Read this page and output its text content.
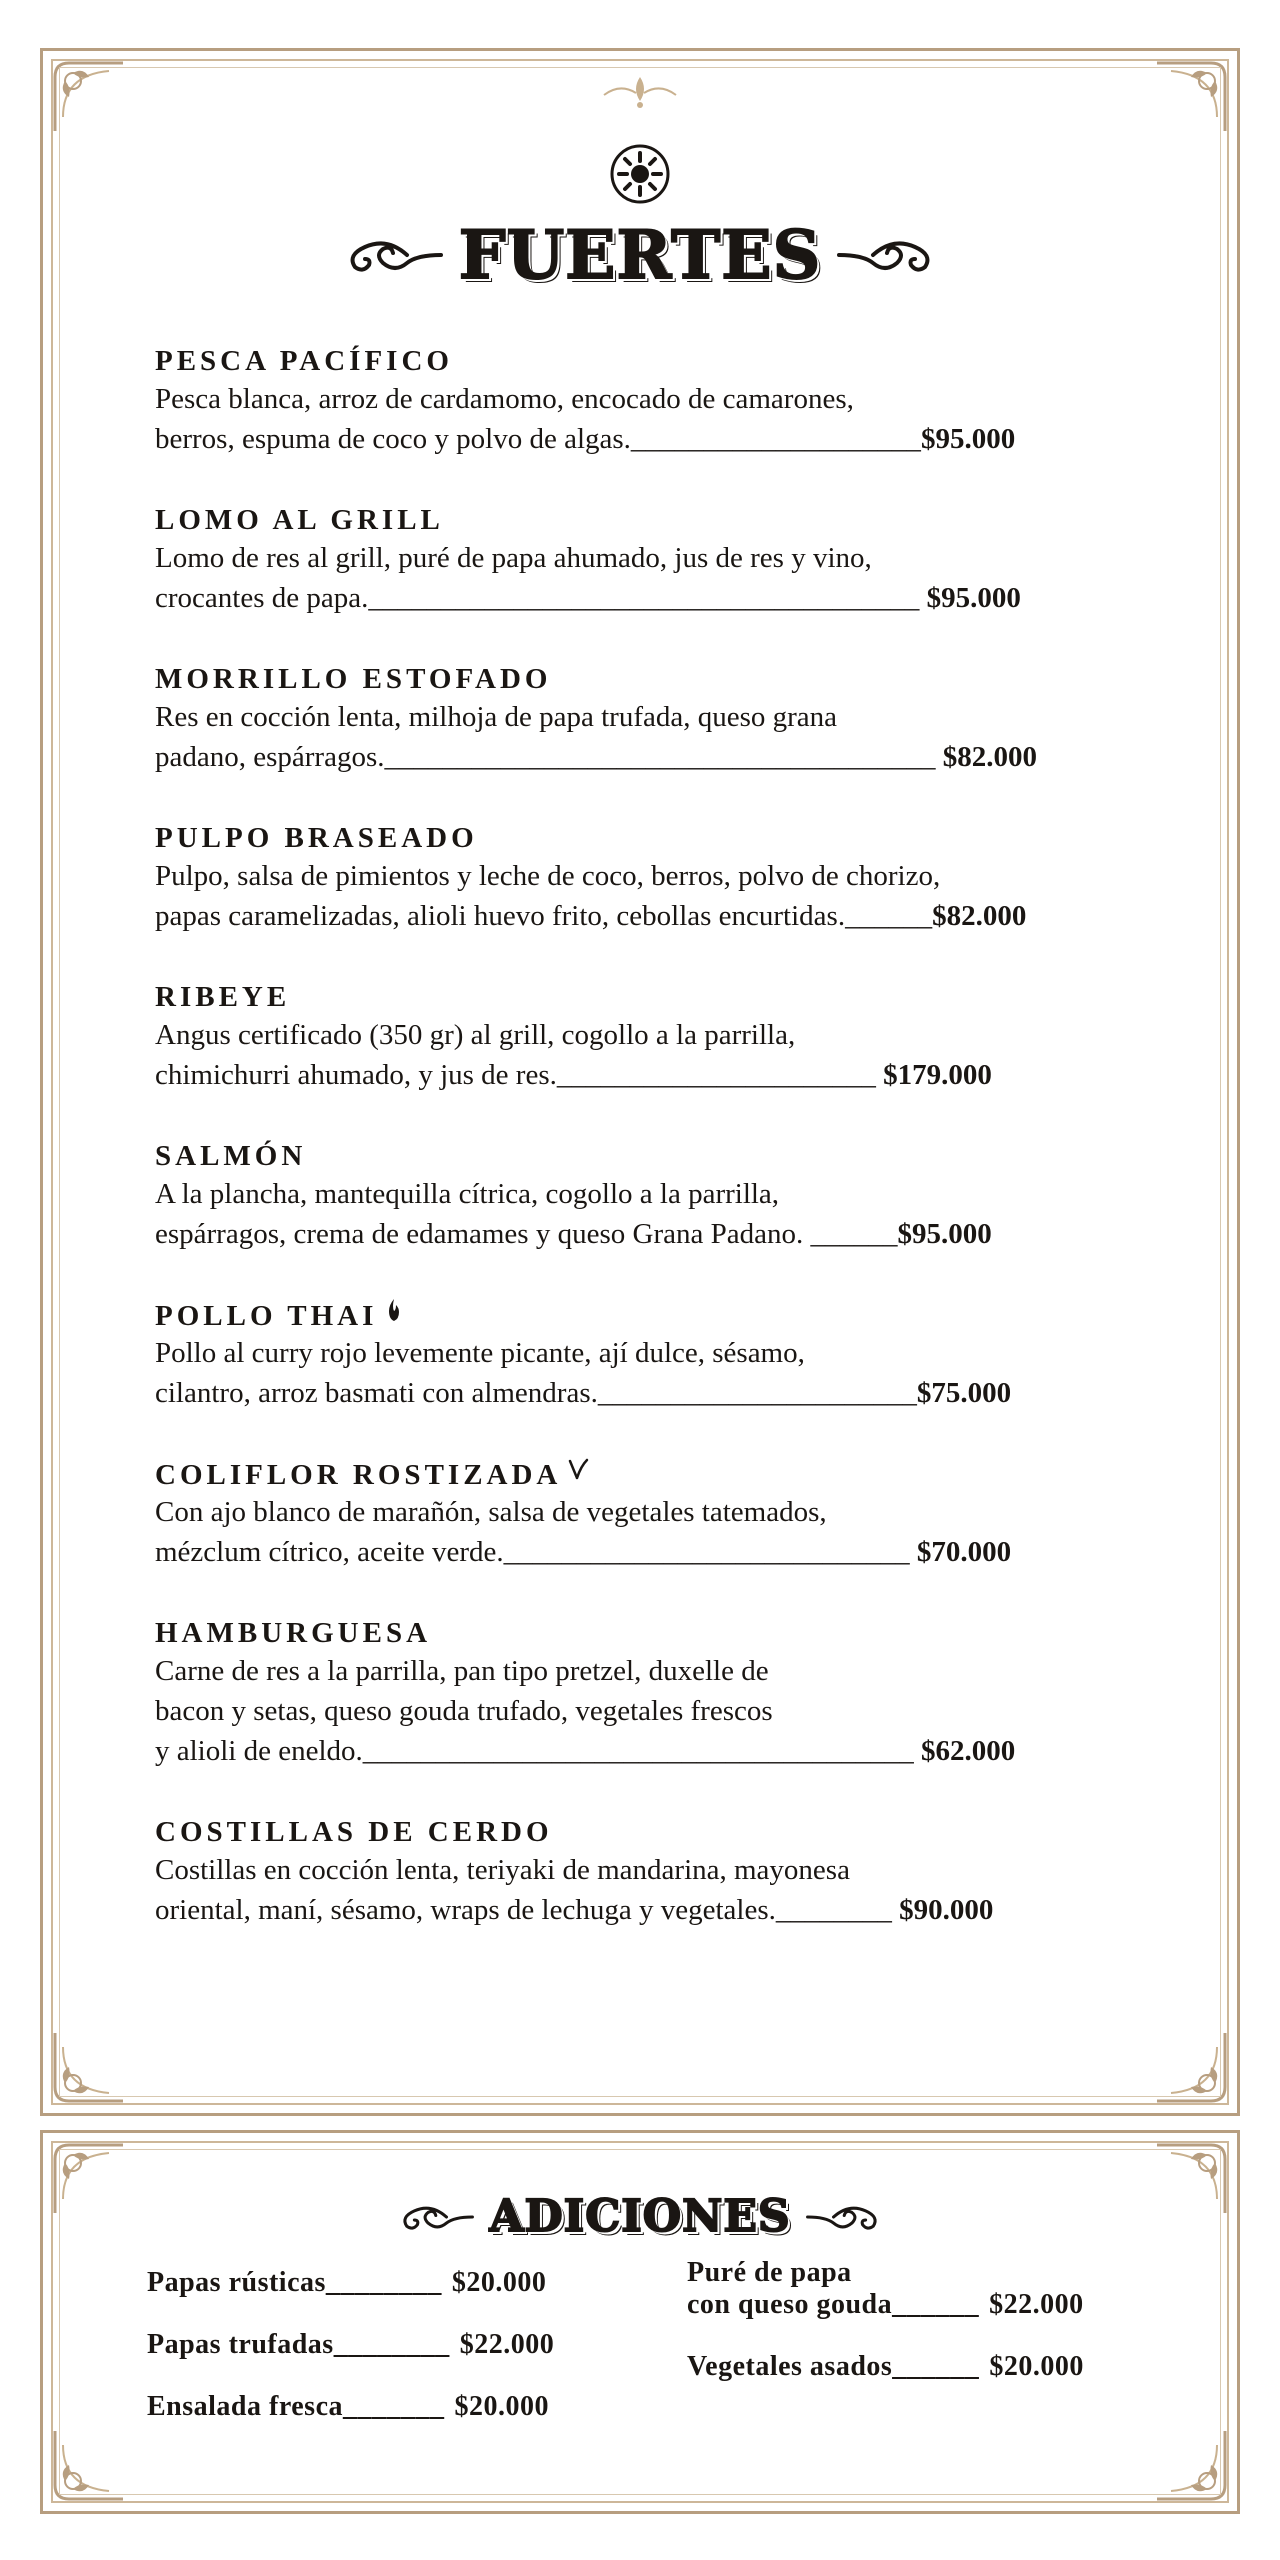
FUERTES
PESCA PACÍFICO
Pesca blanca, arroz de cardamomo, encocado de camarones,
berros, espuma de coco y polvo de algas.____________________$95.000
LOMO AL GRILL
Lomo de res al grill, puré de papa ahumado, jus de res y vino,
crocantes de papa.______________________________________ $95.000
MORRILLO ESTOFADO
Res en cocción lenta, milhoja de papa trufada, queso grana
padano, espárragos.______________________________________ $82.000
PULPO BRASEADO
Pulpo, salsa de pimientos y leche de coco, berros, polvo de chorizo,
papas caramelizadas, alioli huevo frito, cebollas encurtidas.______$82.000
RIBEYE
Angus certificado (350 gr) al grill, cogollo a la parrilla,
chimichurri ahumado, y jus de res.______________________ $179.000
SALMÓN
A la plancha, mantequilla cítrica, cogollo a la parrilla,
espárragos, crema de edamames y queso Grana Padano. ______$95.000
POLLO THAI
Pollo al curry rojo levemente picante, ají dulce, sésamo,
cilantro, arroz basmati con almendras.______________________$75.000
COLIFLOR ROSTIZADA
Con ajo blanco de marañón, salsa de vegetales tatemados,
mézclum cítrico, aceite verde.____________________________ $70.000
HAMBURGUESA
Carne de res a la parrilla, pan tipo pretzel, duxelle de
bacon y setas, queso gouda trufado, vegetales frescos
y alioli de eneldo.______________________________________ $62.000
COSTILLAS DE CERDO
Costillas en cocción lenta, teriyaki de mandarina, mayonesa
oriental, maní, sésamo, wraps de lechuga y vegetales.________ $90.000
ADICIONES
Papas rústicas________ $20.000
Papas trufadas________ $22.000
Ensalada fresca_______ $20.000
Puré de papa
con queso gouda______ $22.000
Vegetales asados______ $20.000
